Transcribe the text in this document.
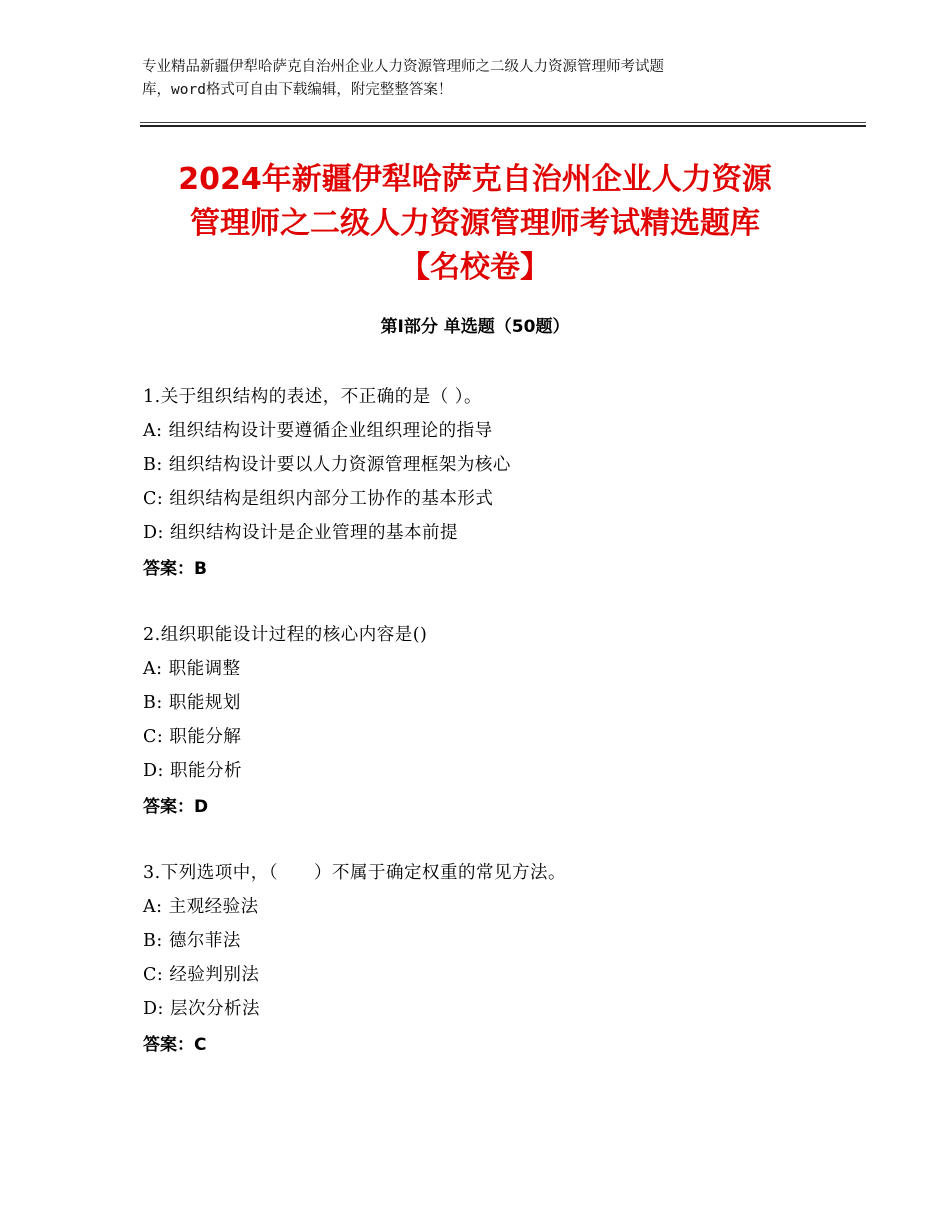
专业精品新疆伊犁哈萨克自治州企业人力资源管理师之二级人力资源管理师考试题
库，word格式可自由下载编辑，附完整整答案！
2024年新疆伊犁哈萨克自治州企业人力资源
管理师之二级人力资源管理师考试精选题库
【名校卷】
第Ⅰ部分 单选题（50题）
1.关于组织结构的表述，不正确的是（ ）。
A: 组织结构设计要遵循企业组织理论的指导
B: 组织结构设计要以人力资源管理框架为核心
C: 组织结构是组织内部分工协作的基本形式
D: 组织结构设计是企业管理的基本前提
答案：B
2.组织职能设计过程的核心内容是()
A: 职能调整
B: 职能规划
C: 职能分解
D: 职能分析
答案：D
3.下列选项中，（　　）不属于确定权重的常见方法。
A: 主观经验法
B: 德尔菲法
C: 经验判别法
D: 层次分析法
答案：C
